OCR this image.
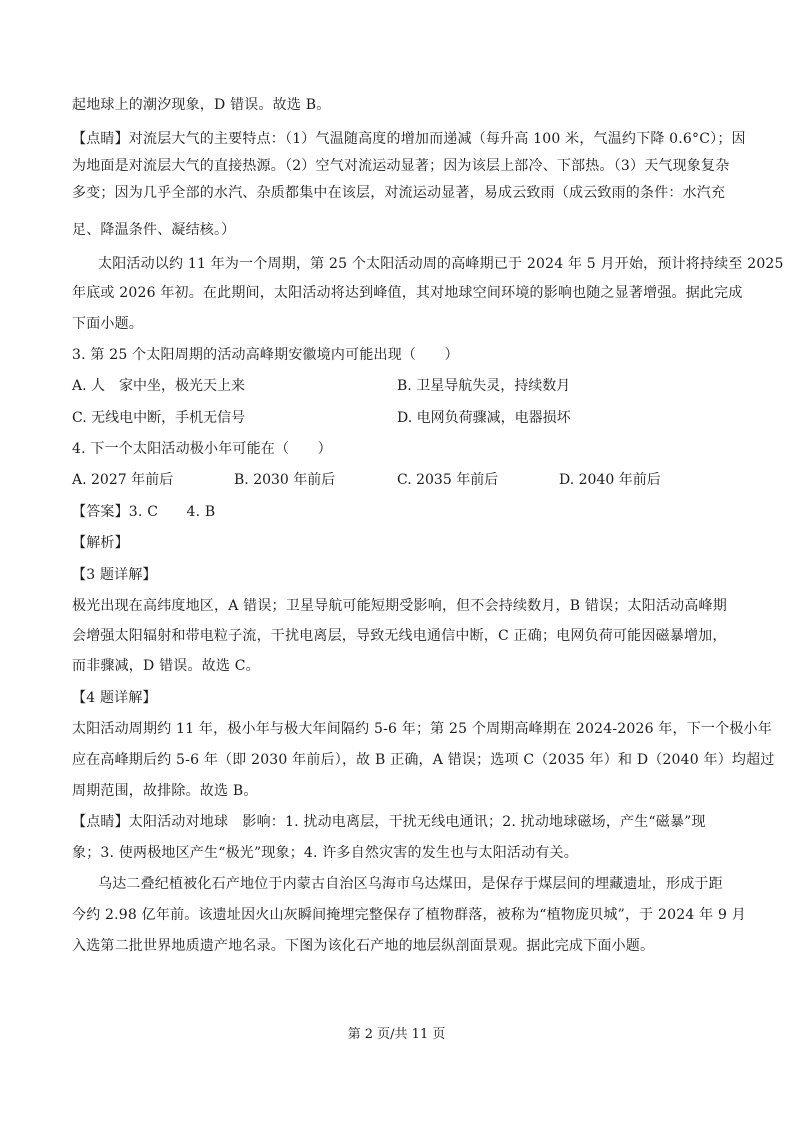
起地球上的潮汐现象，D 错误。故选 B。
【点睛】对流层大气的主要特点：（1）气温随高度的增加而递减（每升高 100 米，气温约下降 0.6°C）；因
为地面是对流层大气的直接热源。（2）空气对流运动显著；因为该层上部冷、下部热。（3）天气现象复杂
多变；因为几乎全部的水汽、杂质都集中在该层，对流运动显著，易成云致雨（成云致雨的条件：水汽充
足、降温条件、凝结核。）
太阳活动以约 11 年为一个周期，第 25 个太阳活动周的高峰期已于 2024 年 5 月开始，预计将持续至 2025
年底或 2026 年初。在此期间，太阳活动将达到峰值，其对地球空间环境的影响也随之显著增强。据此完成
下面小题。
3. 第 25 个太阳周期的活动高峰期安徽境内可能出现（　　）
A. 人　家中坐，极光天上来	B. 卫星导航失灵，持续数月
C. 无线电中断，手机无信号	D. 电网负荷骤减，电器损坏
4. 下一个太阳活动极小年可能在（　　）
A. 2027 年前后	B. 2030 年前后	C. 2035 年前后	D. 2040 年前后
【答案】3. C　　4. B
【解析】
【3 题详解】
极光出现在高纬度地区，A 错误；卫星导航可能短期受影响，但不会持续数月，B 错误；太阳活动高峰期
会增强太阳辐射和带电粒子流，干扰电离层，导致无线电通信中断，C 正确；电网负荷可能因磁暴增加，
而非骤减，D 错误。故选 C。
【4 题详解】
太阳活动周期约 11 年，极小年与极大年间隔约 5-6 年；第 25 个周期高峰期在 2024-2026 年，下一个极小年
应在高峰期后约 5-6 年（即 2030 年前后），故 B 正确，A 错误；选项 C（2035 年）和 D（2040 年）均超过
周期范围，故排除。故选 B。
【点睛】太阳活动对地球　影响：1. 扰动电离层，干扰无线电通讯；2. 扰动地球磁场，产生“磁暴”现
象；3. 使两极地区产生“极光”现象；4. 许多自然灾害的发生也与太阳活动有关。
乌达二叠纪植被化石产地位于内蒙古自治区乌海市乌达煤田，是保存于煤层间的埋藏遗址，形成于距
今约 2.98 亿年前。该遗址因火山灰瞬间掩埋完整保存了植物群落，被称为“植物庞贝城”，于 2024 年 9 月
入选第二批世界地质遗产地名录。下图为该化石产地的地层纵剖面景观。据此完成下面小题。
第 2 页/共 11 页
